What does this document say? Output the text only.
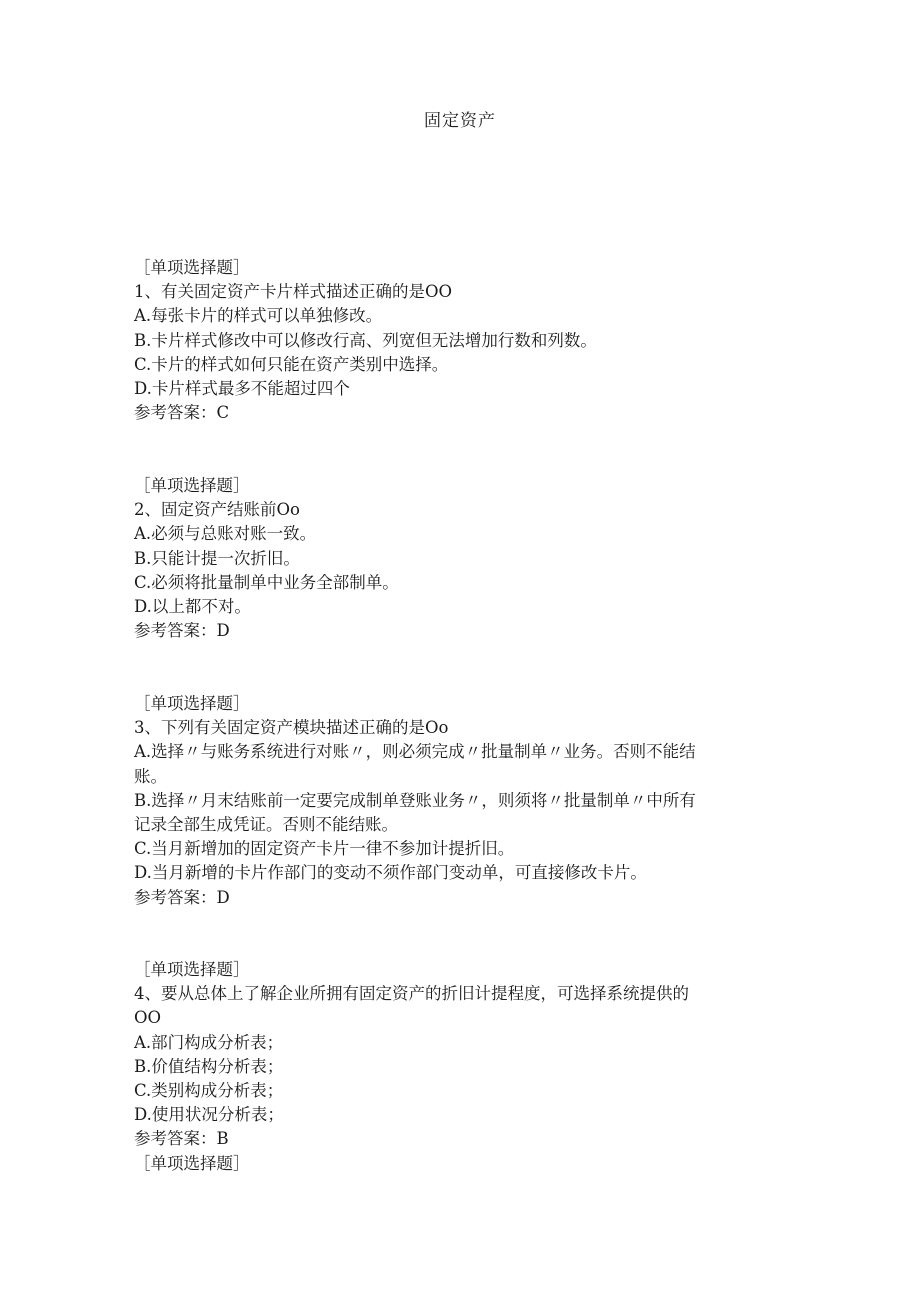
固定资产
［单项选择题］
1、有关固定资产卡片样式描述正确的是OO
A.每张卡片的样式可以单独修改。
B.卡片样式修改中可以修改行高、列宽但无法增加行数和列数。
C.卡片的样式如何只能在资产类别中选择。
D.卡片样式最多不能超过四个
参考答案：C
［单项选择题］
2、固定资产结账前Oo
A.必须与总账对账一致。
B.只能计提一次折旧。
C.必须将批量制单中业务全部制单。
D.以上都不对。
参考答案：D
［单项选择题］
3、下列有关固定资产模块描述正确的是Oo
A.选择〃与账务系统进行对账〃，则必须完成〃批量制单〃业务。否则不能结
账。
B.选择〃月末结账前一定要完成制单登账业务〃，则须将〃批量制单〃中所有
记录全部生成凭证。否则不能结账。
C.当月新增加的固定资产卡片一律不参加计提折旧。
D.当月新增的卡片作部门的变动不须作部门变动单，可直接修改卡片。
参考答案：D
［单项选择题］
4、要从总体上了解企业所拥有固定资产的折旧计提程度，可选择系统提供的
OO
A.部门构成分析表；
B.价值结构分析表；
C.类别构成分析表；
D.使用状况分析表；
参考答案：B
［单项选择题］
